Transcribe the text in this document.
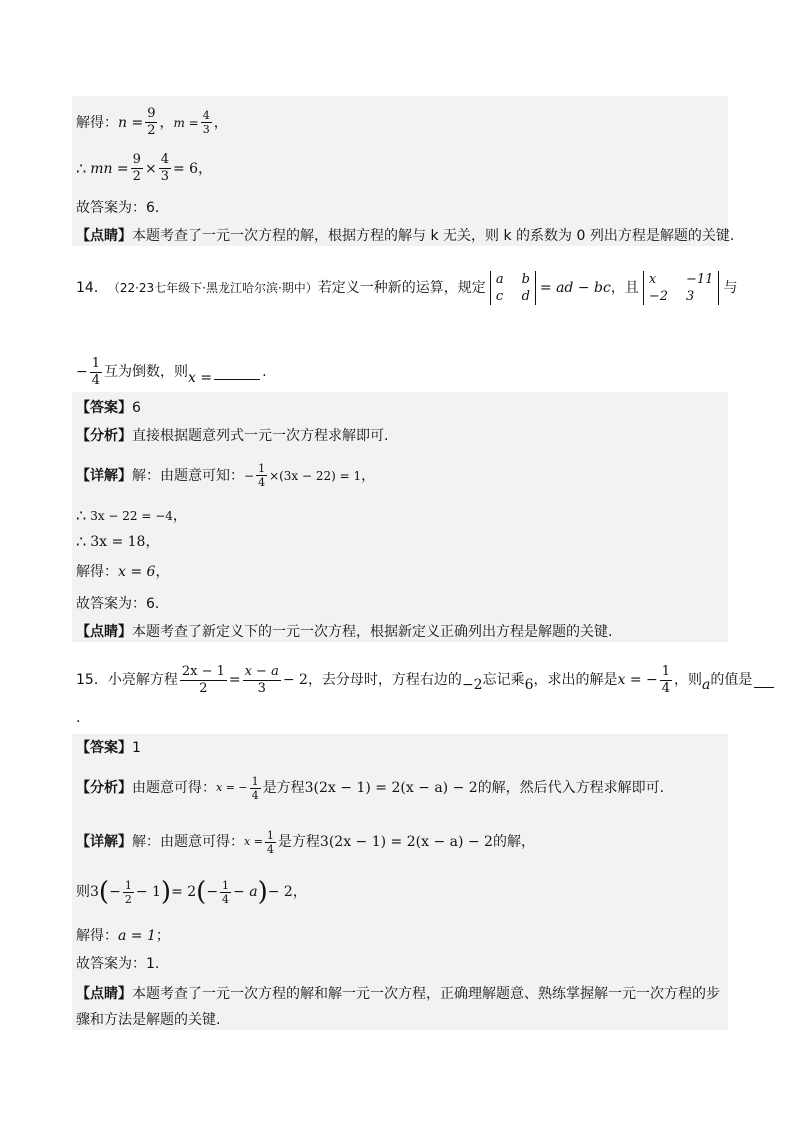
解得： $n = \frac{9}{2}$ ， $m = \frac{4}{3}$ ，
∴ mn = $\frac{9}{2} \times \frac{4}{3} = 6$ ，
故答案为：6．
【点睛】 本题考查了一元一次方程的解，根据方程的解与 k 无关，则 k 的系数为 0 列出方程是解题的关键.
14． （22·23七年级下·黑龙江哈尔滨·期中） 若定义一种新的运算，规定
a b
c d
= ad − bc ，且
x	−11
−2 3
与
− $\frac{1}{4}$ 互为倒数，则 x =	.
【答案】 6
【分析】 直接根据题意列式一元一次方程求解即可.
【详解】 解：由题意可知： − $\frac{1}{4} \times(3x - 22) = 1$ ，
∴ 3x − 22 = −4 ，
∴ 3x = 18 ，
解得： x = 6 ，
故答案为：6．
【点睛】 本题考查了新定义下的一元一次方程，根据新定义正确列出方程是解题的关键.
15． 小亮解方程 $\frac{2x - 1}{2} = \frac{x - a}{3} - 2$ ，去分母时，方程右边的 −2 忘记乘 6 ，求出的解是 x = − $\frac{1}{4}$ ，则 a 的值是
.
【答案】 1
【分析】 由题意可得： x = − $\frac{1}{4}$ 是方程 3(2x − 1) = 2(x − a) − 2 的解，然后代入方程求解即可.
【详解】 解：由题意可得： $x = \frac{1}{4}$ 是方程 3(2x − 1) = 2(x − a) − 2 的解，
则 3 ( − $\frac{1}{2} - 1$ ) = 2 ( − $\frac{1}{4} - a$ ) − 2 ，
解得： a = 1 ；
故答案为：1.
【点睛】 本题考查了一元一次方程的解和解一元一次方程，正确理解题意、熟练掌握解一元一次方程的步
骤和方法是解题的关键.
